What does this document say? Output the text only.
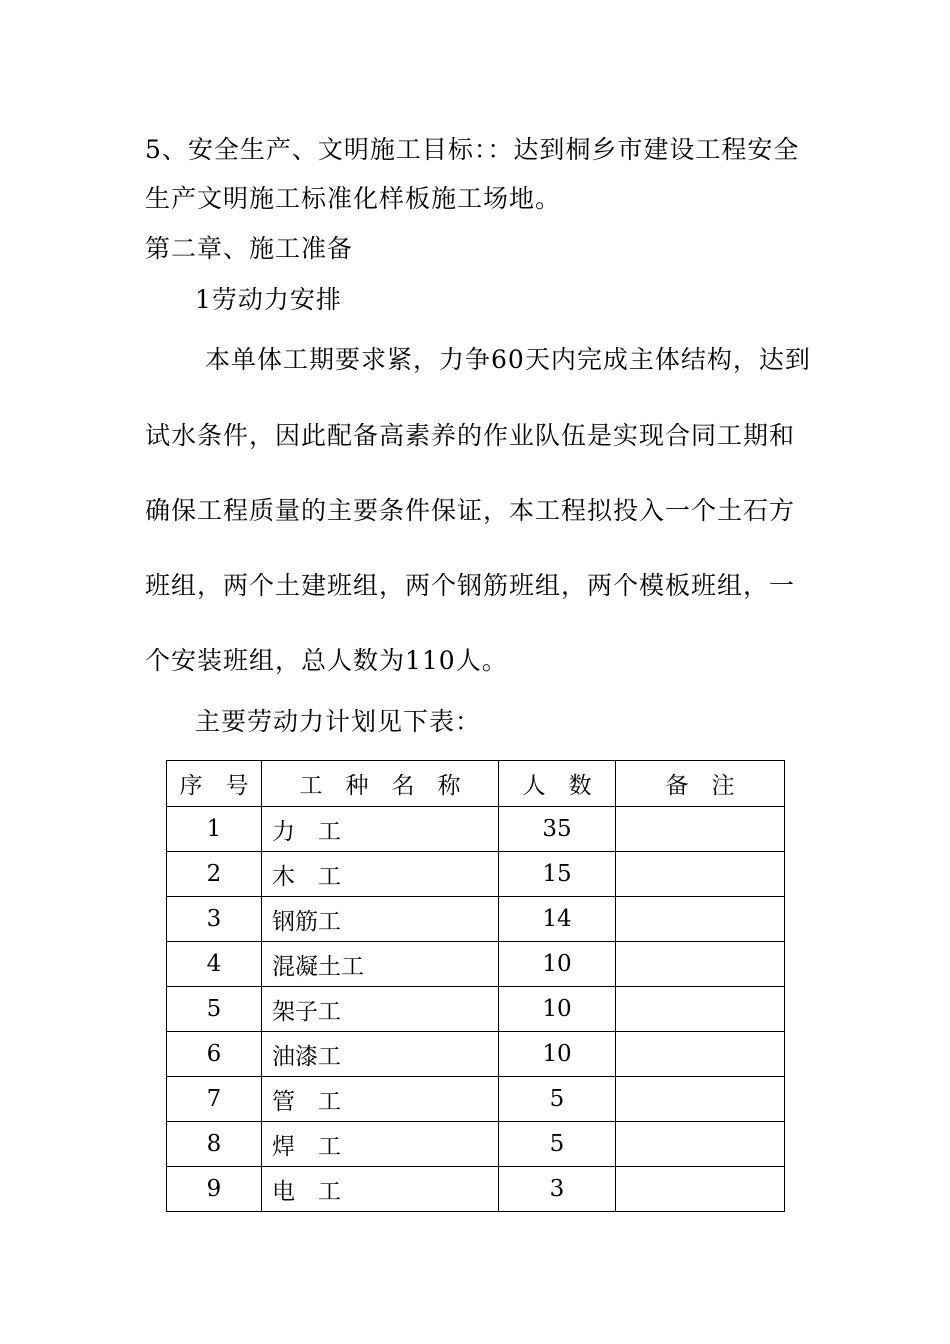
5、安全生产、文明施工目标：：达到桐乡市建设工程安全
生产文明施工标准化样板施工场地。
第二章、施工准备
1劳动力安排
本单体工期要求紧，力争60天内完成主体结构，达到
试水条件，因此配备高素养的作业队伍是实现合同工期和
确保工程质量的主要条件保证，本工程拟投入一个土石方
班组，两个土建班组，两个钢筋班组，两个模板班组，一
个安装班组，总人数为110人。
主要劳动力计划见下表：
序　号	工　种　名　称	人　数	备　注
1	力　工	35	
2	木　工	15	
3	钢筋工	14	
4	混凝土工	10	
5	架子工	10	
6	油漆工	10	
7	管　工	5	
8	焊　工	5	
9	电　工	3	
